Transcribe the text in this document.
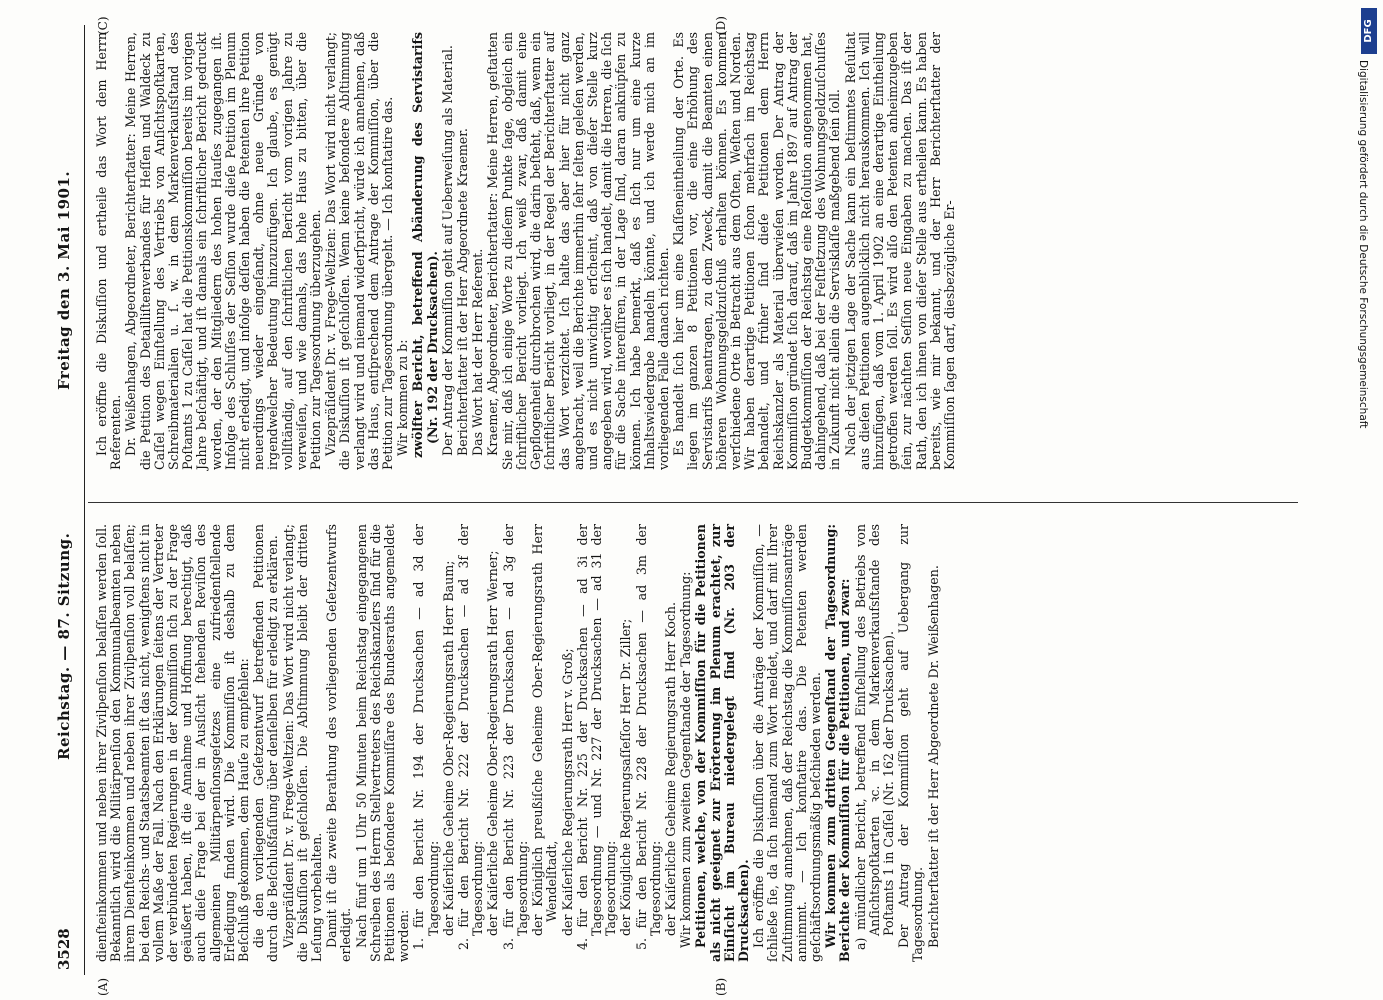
3528
Reichstag. — 87. Sitzung.
Freitag den 3. Mai 1901.
(A)	(B)
(C)	(D)

dienſteinkommen und neben ihrer Zivilpenſion belaſſen werden ſoll. Bekanntlich wird die Militärpenſion den Kommunalbeamten neben ihrem Dienſteinkommen und neben ihrer Zivilpenſion voll belaſſen; bei den Reichs- und Staatsbeamten iſt das nicht, wenigſtens nicht in vollem Maße der Fall. Nach den Erklärungen ſeitens der Vertreter der verbündeten Regierungen in der Kommiſſion ſich zu der Frage geäußert haben, iſt die Annahme und Hoffnung berechtigt, daß auch dieſe Frage bei der in Ausſicht ſtehenden Reviſion des allgemeinen Militärpenſionsgeſetzes eine zufriedenſtellende Erledigung finden wird. Die Kommiſſion iſt deshalb zu dem Beſchluß gekommen, dem Hauſe zu empfehlen: die den vorliegenden Geſetzentwurf betreffenden Petitionen durch die Beſchlußfaſſung über denſelben für erledigt zu erklären. Vizepräſident Dr. v. Frege-Weltzien: Das Wort wird nicht verlangt; die Diskuſſion iſt geſchloſſen. Die Abſtimmung bleibt der dritten Leſung vorbehalten. Damit iſt die zweite Berathung des vorliegenden Geſetzentwurfs erledigt. Nach fünf um 1 Uhr 50 Minuten beim Reichstag eingegangenen Schreiben des Herrn Stellvertreters des Reichskanzlers ſind für die Petitionen als beſondere Kommiſſare des Bundesraths angemeldet worden: 1. für den Bericht Nr. 194 der Drucksachen — ad 3d der Tagesordnung: der Kaiſerliche Geheime Ober-Regierungsrath Herr Baum; 2. für den Bericht Nr. 222 der Drucksachen — ad 3f der Tagesordnung: der Kaiſerliche Geheime Ober-Regierungsrath Herr Werner; 3. für den Bericht Nr. 223 der Drucksachen — ad 3g der Tagesordnung: der Königlich preußiſche Geheime Ober-Regierungsrath Herr Wendelſtadt, der Kaiſerliche Regierungsrath Herr v. Groß; 4. für den Bericht Nr. 225 der Drucksachen — ad 3i der Tagesordnung — und Nr. 227 der Drucksachen — ad 31 der Tagesordnung: der Königliche Regierungsaſſeſſor Herr Dr. Ziller; 5. für den Bericht Nr. 228 der Drucksachen — ad 3m der Tagesordnung: der Kaiſerliche Geheime Regierungsrath Herr Koch. Wir kommen zum zweiten Gegenſtande der Tagesordnung: Petitionen, welche, von der Kommiſſion für die Petitionen als nicht geeignet zur Erörterung im Plenum erachtet, zur Einſicht im Bureau niedergelegt ſind (Nr. 203 der Drucksachen). Ich eröffne die Diskuſſion über die Anträge der Kommiſſion, — ſchließe ſie, da ſich niemand zum Wort meldet, und darf mit Ihrer Zuſtimmung annehmen, daß der Reichstag die Kommiſſionsanträge annimmt. — Ich konſtatire das. Die Petenten werden geſchäftsordnungsmäßig beſchieden werden. Wir kommen zum dritten Gegenſtand der Tagesordnung: Berichte der Kommiſſion für die Petitionen, und zwar: a) mündlicher Bericht, betreffend Einſtellung des Betriebs von Anſichtspoſtkarten ꝛc. in dem Markenverkaufsſtande des Poſtamts 1 in Caſſel (Nr. 162 der Drucksachen). Der Antrag der Kommiſſion geht auf Uebergang zur Tagesordnung. Berichterſtatter iſt der Herr Abgeordnete Dr. Weißenhagen.

Ich eröffne die Diskuſſion und ertheile das Wort dem Herrn Referenten. Dr. Weißenhagen, Abgeordneter, Berichterſtatter: Meine Herren, die Petition des Detailliſtenverbandes für Heſſen und Waldeck zu Caſſel wegen Einſtellung des Vertriebs von Anſichtspoſtkarten, Schreibmaterialien u. ſ. w. in dem Markenverkaufsſtand des Poſtamts 1 zu Caſſel hat die Petitionskommiſſion bereits im vorigen Jahre beſchäftigt, und iſt damals ein ſchriftlicher Bericht gedruckt worden, der den Mitgliedern des hohen Hauſes zugegangen iſt. Infolge des Schluſſes der Seſſion wurde dieſe Petition im Plenum nicht erledigt, und infolge deſſen haben die Petenten ihre Petition neuerdings wieder eingeſandt, ohne neue Gründe von irgendwelcher Bedeutung hinzuzufügen. Ich glaube, es genügt vollſtändig, auf den ſchriftlichen Bericht vom vorigen Jahre zu verweiſen, und wie damals, das hohe Haus zu bitten, über die Petition zur Tagesordnung überzugehen. Vizepräſident Dr. v. Frege-Weltzien: Das Wort wird nicht verlangt; die Diskuſſion iſt geſchloſſen. Wenn keine beſondere Abſtimmung verlangt wird und niemand widerſpricht, würde ich annehmen, daß das Haus, entſprechend dem Antrage der Kommiſſion, über die Petition zur Tagesordnung übergeht. — Ich konſtatire das. Wir kommen zu b: zwölfter Bericht, betreffend Abänderung des Servistarifs (Nr. 192 der Drucksachen). Der Antrag der Kommiſſion geht auf Ueberweiſung als Material. Berichterſtatter iſt der Herr Abgeordnete Kraemer. Das Wort hat der Herr Referent. Kraemer, Abgeordneter, Berichterſtatter: Meine Herren, geſtatten Sie mir, daß ich einige Worte zu dieſem Punkte ſage, obgleich ein ſchriftlicher Bericht vorliegt. Ich weiß zwar, daß damit eine Gepflogenheit durchbrochen wird, die darin beſteht, daß, wenn ein ſchriftlicher Bericht vorliegt, in der Regel der Berichterſtatter auf das Wort verzichtet. Ich halte das aber hier für nicht ganz angebracht, weil die Berichte immerhin ſehr ſelten geleſen werden, und es nicht unwichtig erſcheint, daß von dieſer Stelle kurz angegeben wird, worüber es ſich handelt, damit die Herren, die ſich für die Sache intereſſiren, in der Lage ſind, daran anknüpfen zu können. Ich habe bemerkt, daß es ſich nur um eine kurze Inhaltswiedergabe handeln könnte, und ich werde mich an im vorliegenden Falle danach richten. Es handelt ſich hier um eine Klaſſeneintheilung der Orte. Es liegen im ganzen 8 Petitionen vor, die eine Erhöhung des Servistarifs beantragen, zu dem Zweck, damit die Beamten einen höheren Wohnungsgeldzuſchuß erhalten können. Es kommen verſchiedene Orte in Betracht aus dem Oſten, Weſten und Norden. Wir haben derartige Petitionen ſchon mehrfach im Reichstag behandelt, und früher ſind dieſe Petitionen dem Herrn Reichskanzler als Material überwieſen worden. Der Antrag der Kommiſſion gründet ſich darauf, daß im Jahre 1897 auf Antrag der Budgetkommiſſion der Reichstag eine Reſolution angenommen hat, dahingehend, daß bei der Feſtſetzung des Wohnungsgeldzuſchuſſes in Zukunft nicht allein die Servisklaſſe maßgebend ſein ſoll. Nach der jetzigen Lage der Sache kann ein beſtimmtes Reſultat aus dieſen Petitionen augenblicklich nicht herauskommen. Ich will hinzufügen, daß vom 1. April 1902 an eine derartige Eintheilung getroffen werden ſoll. Es wird alſo den Petenten anheimzugeben ſein, zur nächſten Seſſion neue Eingaben zu machen. Das iſt der Rath, den ich ihnen von dieſer Stelle aus ertheilen kann. Es haben bereits, wie mir bekannt, und der Herr Berichterſtatter der Kommiſſion ſagen darf, diesbezügliche Er-

DFG
Digitalisierung gefördert durch die Deutsche Forschungsgemeinschaft
